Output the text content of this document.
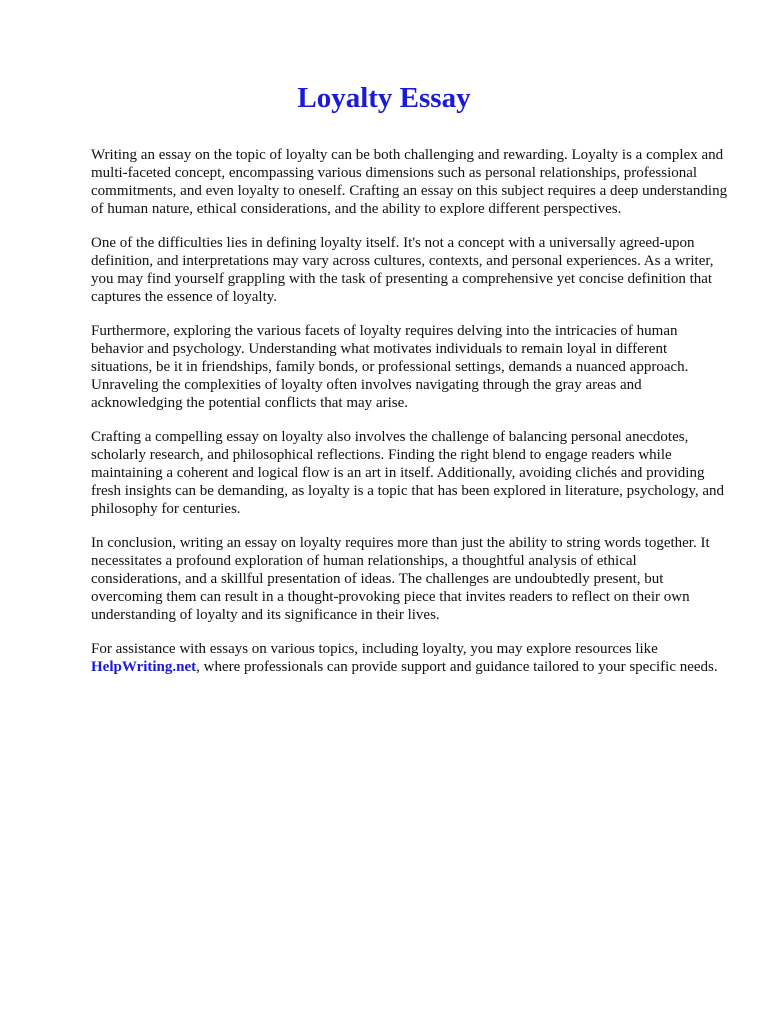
Loyalty Essay

Writing an essay on the topic of loyalty can be both challenging and rewarding. Loyalty is a complex and multi-faceted concept, encompassing various dimensions such as personal relationships, professional commitments, and even loyalty to oneself. Crafting an essay on this subject requires a deep understanding of human nature, ethical considerations, and the ability to explore different perspectives.

One of the difficulties lies in defining loyalty itself. It's not a concept with a universally agreed-upon definition, and interpretations may vary across cultures, contexts, and personal experiences. As a writer, you may find yourself grappling with the task of presenting a comprehensive yet concise definition that captures the essence of loyalty.

Furthermore, exploring the various facets of loyalty requires delving into the intricacies of human behavior and psychology. Understanding what motivates individuals to remain loyal in different situations, be it in friendships, family bonds, or professional settings, demands a nuanced approach. Unraveling the complexities of loyalty often involves navigating through the gray areas and acknowledging the potential conflicts that may arise.

Crafting a compelling essay on loyalty also involves the challenge of balancing personal anecdotes, scholarly research, and philosophical reflections. Finding the right blend to engage readers while maintaining a coherent and logical flow is an art in itself. Additionally, avoiding clichés and providing fresh insights can be demanding, as loyalty is a topic that has been explored in literature, psychology, and philosophy for centuries.

In conclusion, writing an essay on loyalty requires more than just the ability to string words together. It necessitates a profound exploration of human relationships, a thoughtful analysis of ethical considerations, and a skillful presentation of ideas. The challenges are undoubtedly present, but overcoming them can result in a thought-provoking piece that invites readers to reflect on their own understanding of loyalty and its significance in their lives.

For assistance with essays on various topics, including loyalty, you may explore resources like HelpWriting.net, where professionals can provide support and guidance tailored to your specific needs.
